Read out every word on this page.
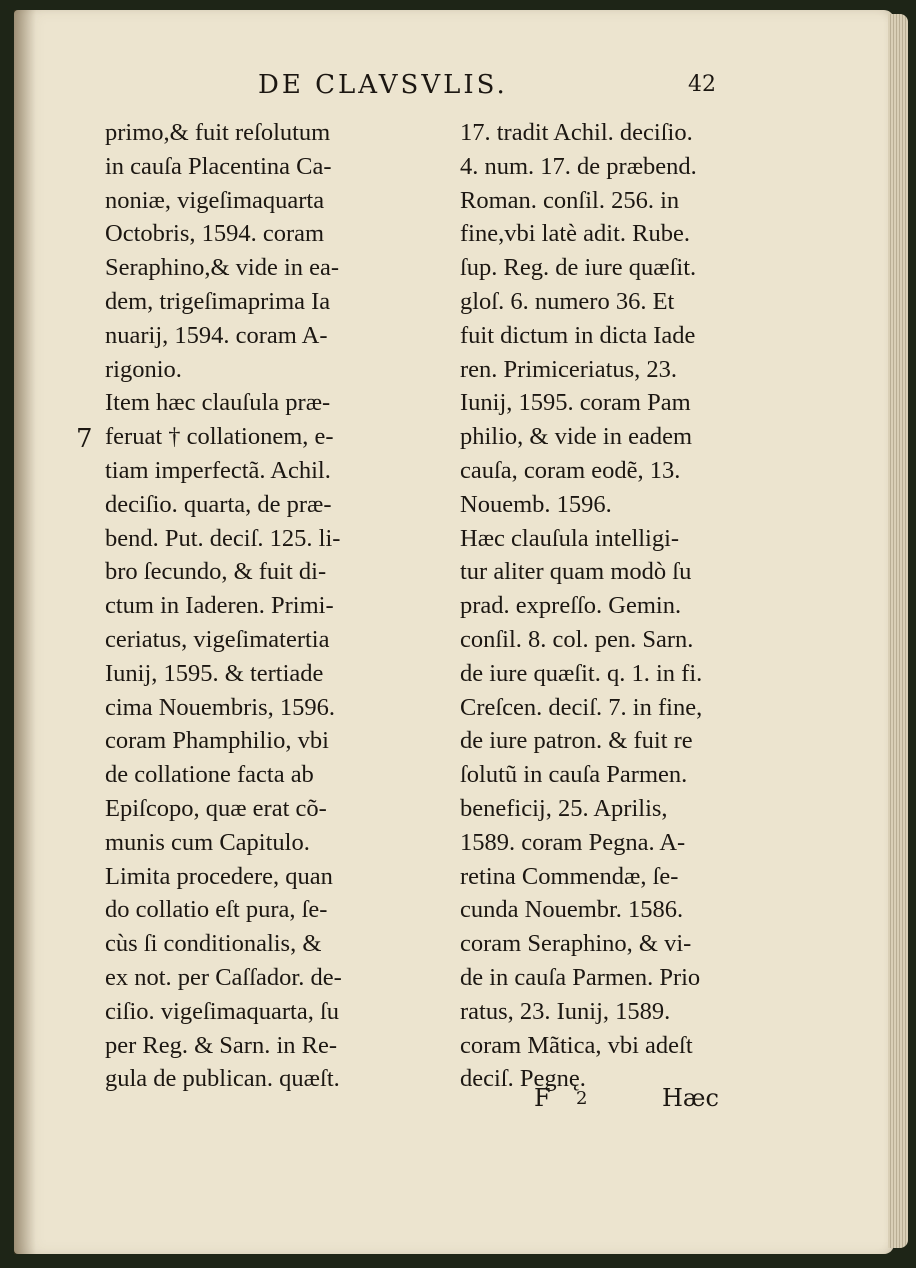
DE CLAVSVLIS.	42
7
primo,& fuit reſolutum
in cauſa Placentina Ca-
noniæ, vigeſimaquarta
Octobris, 1594. coram
Seraphino,& vide in ea-
dem, trigeſimaprima Ia
nuarij, 1594. coram A-
rigonio.
Item hæc clauſula præ-
feruat † collationem, e-
tiam imperfectã. Achil.
deciſio. quarta, de præ-
bend. Put. deciſ. 125. li-
bro ſecundo, & fuit di-
ctum in Iaderen. Primi-
ceriatus, vigeſimatertia
Iunij, 1595. & tertiade
cima Nouembris, 1596.
coram Phamphilio, vbi
de collatione facta ab
Epiſcopo, quæ erat cõ-
munis cum Capitulo.
Limita procedere, quan
do collatio eſt pura, ſe-
cùs ſi conditionalis, &
ex not. per Caſſador. de-
ciſio. vigeſimaquarta, ſu
per Reg. & Sarn. in Re-
gula de publican. quæſt.
17. tradit Achil. deciſio.
4. num. 17. de præbend.
Roman. conſil. 256. in
fine,vbi latè adit. Rube.
ſup. Reg. de iure quæſit.
gloſ. 6. numero 36. Et
fuit dictum in dicta Iade
ren. Primiceriatus, 23.
Iunij, 1595. coram Pam
philio, & vide in eadem
cauſa, coram eodẽ, 13.
Nouemb. 1596.
Hæc clauſula intelligi-
tur aliter quam modò ſu
prad. expreſſo. Gemin.
conſil. 8. col. pen. Sarn.
de iure quæſit. q. 1. in fi.
Creſcen. deciſ. 7. in fine,
de iure patron. & fuit re
ſolutũ in cauſa Parmen.
beneficij, 25. Aprilis,
1589. coram Pegna. A-
retina Commendæ, ſe-
cunda Nouembr. 1586.
coram Seraphino, & vi-
de in cauſa Parmen. Prio
ratus, 23. Iunij, 1589.
coram Mãtica, vbi adeſt
deciſ. Pegnę.
F 2	Hæc
